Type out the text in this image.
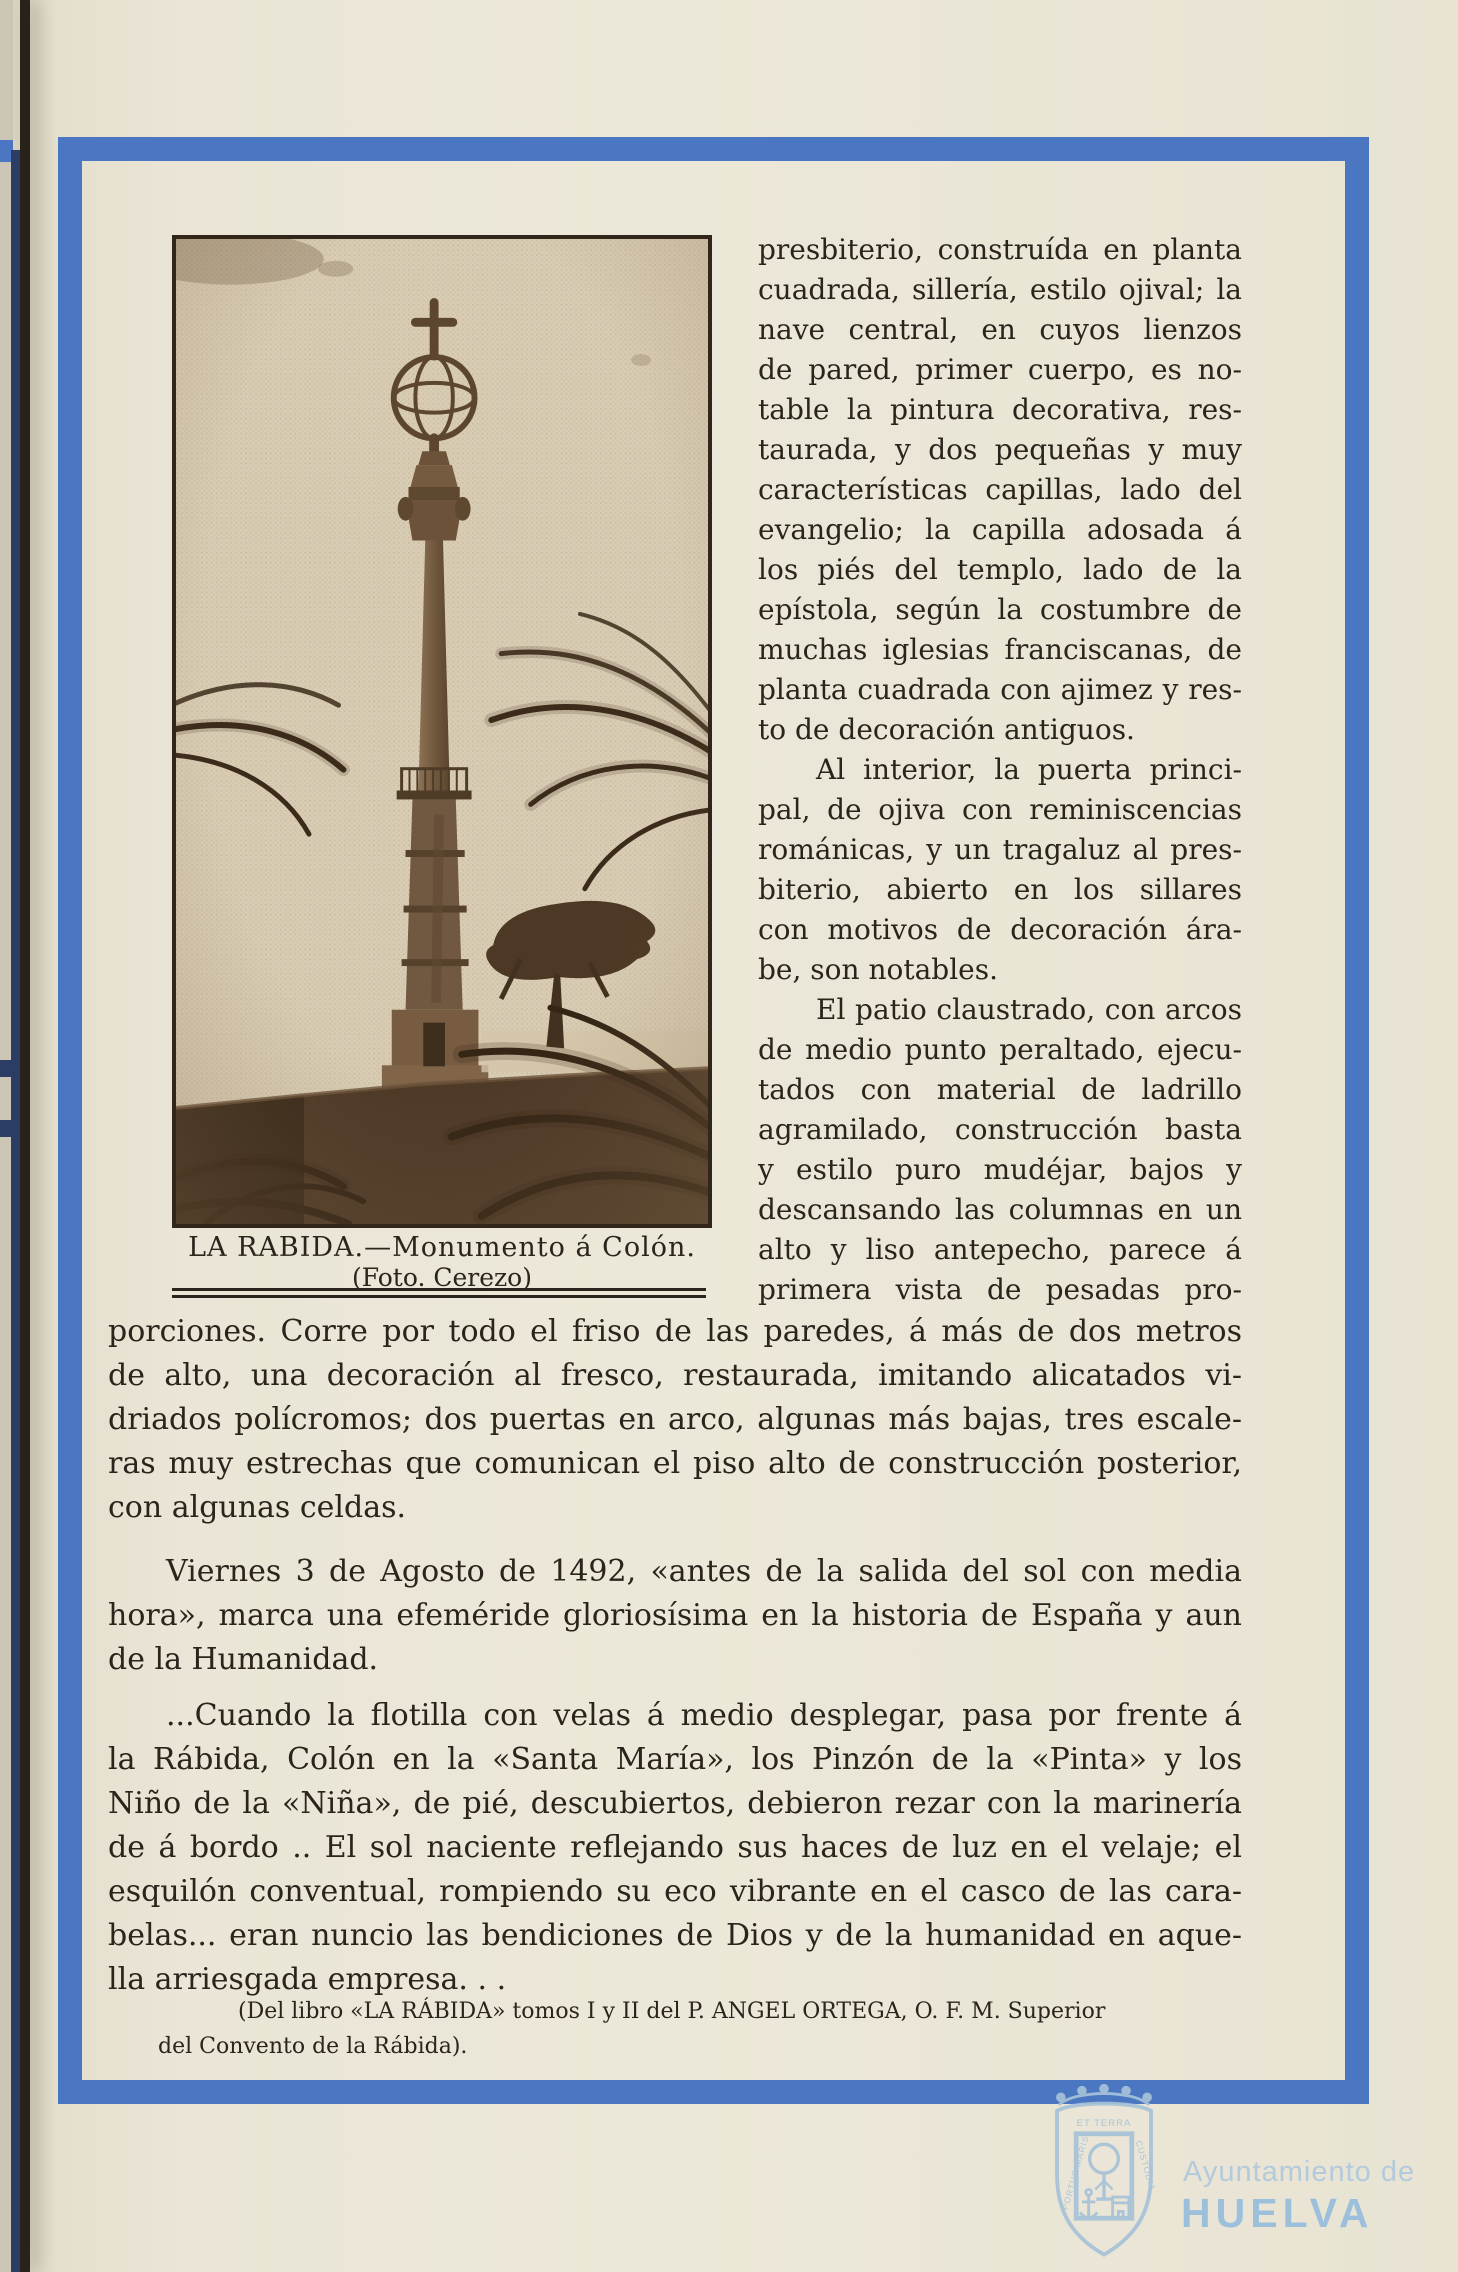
LA RABIDA.—Monumento á Colón.
(Foto. Cerezo)
presbiterio, construída en planta
cuadrada, sillería, estilo ojival; la
nave central, en cuyos lienzos
de pared, primer cuerpo, es no-
table la pintura decorativa, res-
taurada, y dos pequeñas y muy
características capillas, lado del
evangelio; la capilla adosada á
los piés del templo, lado de la
epístola, según la costumbre de
muchas iglesias franciscanas, de
planta cuadrada con ajimez y res-
to de decoración antiguos.
Al interior, la puerta princi-
pal, de ojiva con reminiscencias
románicas, y un tragaluz al pres-
biterio, abierto en los sillares
con motivos de decoración ára-
be, son notables.
El patio claustrado, con arcos
de medio punto peraltado, ejecu-
tados con material de ladrillo
agramilado, construcción basta
y estilo puro mudéjar, bajos y
descansando las columnas en un
alto y liso antepecho, parece á
primera vista de pesadas pro-
porciones. Corre por todo el friso de las paredes, á más de dos metros
de alto, una decoración al fresco, restaurada, imitando alicatados vi-
driados polícromos; dos puertas en arco, algunas más bajas, tres escale-
ras muy estrechas que comunican el piso alto de construcción posterior,
con algunas celdas.
Viernes 3 de Agosto de 1492, «antes de la salida del sol con media
hora», marca una efeméride gloriosísima en la historia de España y aun
de la Humanidad.
...Cuando la flotilla con velas á medio desplegar, pasa por frente á
la Rábida, Colón en la «Santa María», los Pinzón de la «Pinta» y los
Niño de la «Niña», de pié, descubiertos, debieron rezar con la marinería
de á bordo .. El sol naciente reflejando sus haces de luz en el velaje; el
esquilón conventual, rompiendo su eco vibrante en el casco de las cara-
belas... eran nuncio las bendiciones de Dios y de la humanidad en aque-
lla arriesgada empresa. . .
(Del libro «LA RÁBIDA» tomos I y II del P. ANGEL ORTEGA, O. F. M. Superior
del Convento de la Rábida).
ET TERRA
PORTUS MARIS	CUSTODIA Ayuntamiento de
HUELVA
